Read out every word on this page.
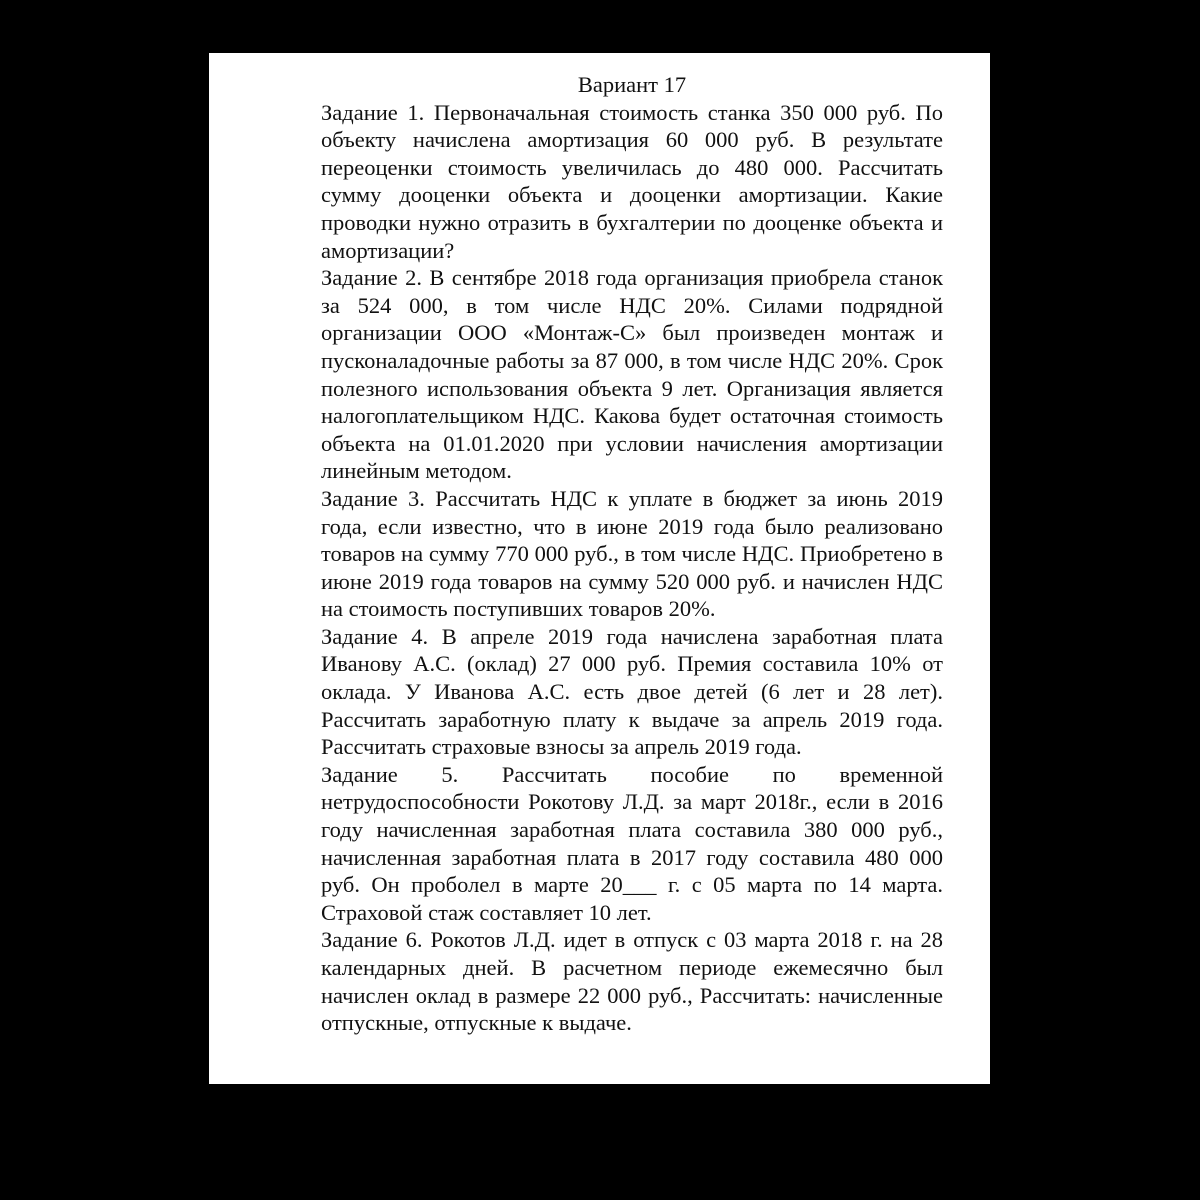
Вариант 17

Задание 1. Первоначальная стоимость станка 350 000 руб. По объекту начислена амортизация 60 000 руб. В результате переоценки стоимость увеличилась до 480 000. Рассчитать сумму дооценки объекта и дооценки амортизации. Какие проводки нужно отразить в бухгалтерии по дооценке объекта и амортизации?

Задание 2. В сентябре 2018 года организация приобрела станок за 524 000, в том числе НДС 20%. Силами подрядной организации ООО «Монтаж-С» был произведен монтаж и пусконаладочные работы за 87 000, в том числе НДС 20%. Срок полезного использования объекта 9 лет. Организация является налогоплательщиком НДС. Какова будет остаточная стоимость объекта на 01.01.2020 при условии начисления амортизации линейным методом.

Задание 3. Рассчитать НДС к уплате в бюджет за июнь 2019 года, если известно, что в июне 2019 года было реализовано товаров на сумму 770 000 руб., в том числе НДС. Приобретено в июне 2019 года товаров на сумму 520 000 руб. и начислен НДС на стоимость поступивших товаров 20%.

Задание 4. В апреле 2019 года начислена заработная плата Иванову А.С. (оклад) 27 000 руб. Премия составила 10% от оклада. У Иванова А.С. есть двое детей (6 лет и 28 лет). Рассчитать заработную плату к выдаче за апрель 2019 года. Рассчитать страховые взносы за апрель 2019 года.

Задание 5. Рассчитать пособие по временной нетрудоспособности Рокотову Л.Д. за март 2018г., если в 2016 году начисленная заработная плата составила 380 000 руб., начисленная заработная плата в 2017 году составила 480 000 руб. Он проболел в марте 20___ г. с 05 марта по 14 марта. Страховой стаж составляет 10 лет.

Задание 6. Рокотов Л.Д. идет в отпуск с 03 марта 2018 г. на 28 календарных дней. В расчетном периоде ежемесячно был начислен оклад в размере 22 000 руб., Рассчитать: начисленные отпускные, отпускные к выдаче.
